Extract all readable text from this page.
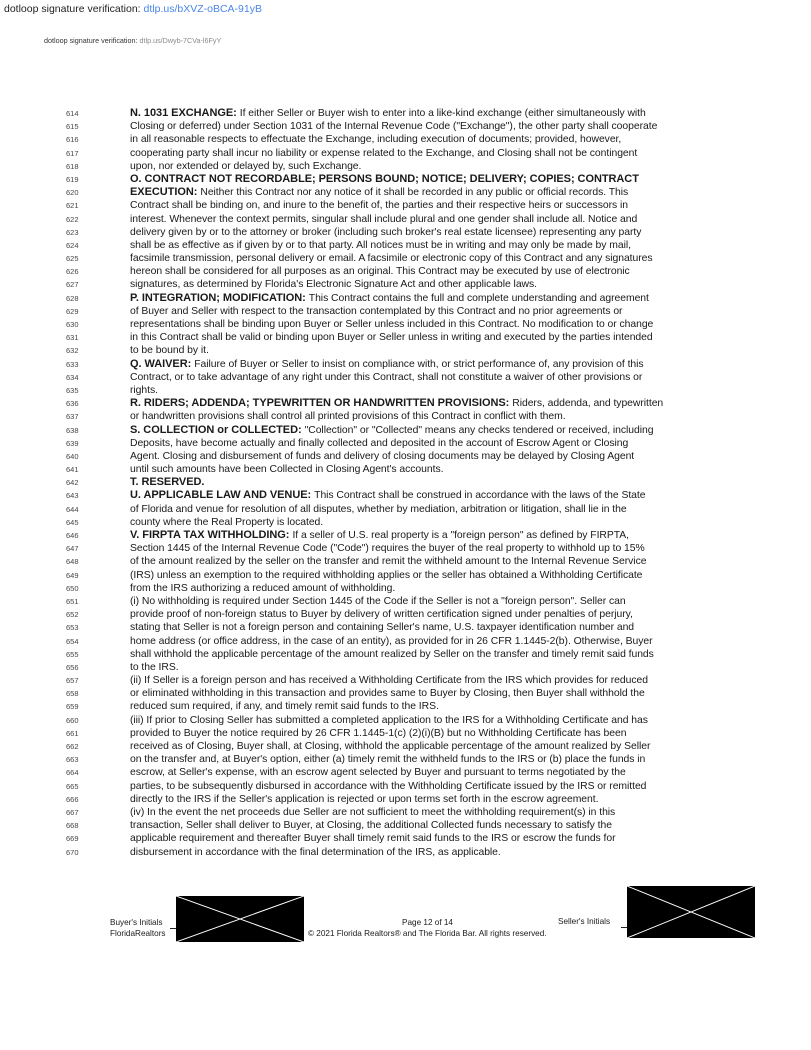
dotloop signature verification: dtlp.us/bXVZ-oBCA-91yB
dotloop signature verification: dtlp.us/Dwyb-7CVa-l6FyY
614	N. 1031 EXCHANGE: If either Seller or Buyer wish to enter into a like-kind exchange (either simultaneously with
615	Closing or deferred) under Section 1031 of the Internal Revenue Code ("Exchange"), the other party shall cooperate
616	in all reasonable respects to effectuate the Exchange, including execution of documents; provided, however,
617	cooperating party shall incur no liability or expense related to the Exchange, and Closing shall not be contingent
618	upon, nor extended or delayed by, such Exchange.
619	O. CONTRACT NOT RECORDABLE; PERSONS BOUND; NOTICE; DELIVERY; COPIES; CONTRACT
620	EXECUTION: Neither this Contract nor any notice of it shall be recorded in any public or official records. This
621	Contract shall be binding on, and inure to the benefit of, the parties and their respective heirs or successors in
622	interest. Whenever the context permits, singular shall include plural and one gender shall include all. Notice and
623	delivery given by or to the attorney or broker (including such broker's real estate licensee) representing any party
624	shall be as effective as if given by or to that party. All notices must be in writing and may only be made by mail,
625	facsimile transmission, personal delivery or email. A facsimile or electronic copy of this Contract and any signatures
626	hereon shall be considered for all purposes as an original. This Contract may be executed by use of electronic
627	signatures, as determined by Florida's Electronic Signature Act and other applicable laws.
628	P. INTEGRATION; MODIFICATION: This Contract contains the full and complete understanding and agreement
629	of Buyer and Seller with respect to the transaction contemplated by this Contract and no prior agreements or
630	representations shall be binding upon Buyer or Seller unless included in this Contract. No modification to or change
631	in this Contract shall be valid or binding upon Buyer or Seller unless in writing and executed by the parties intended
632	to be bound by it.
633	Q. WAIVER: Failure of Buyer or Seller to insist on compliance with, or strict performance of, any provision of this
634	Contract, or to take advantage of any right under this Contract, shall not constitute a waiver of other provisions or
635	rights.
636	R. RIDERS; ADDENDA; TYPEWRITTEN OR HANDWRITTEN PROVISIONS: Riders, addenda, and typewritten
637	or handwritten provisions shall control all printed provisions of this Contract in conflict with them.
638	S. COLLECTION or COLLECTED: "Collection" or "Collected" means any checks tendered or received, including
639	Deposits, have become actually and finally collected and deposited in the account of Escrow Agent or Closing
640	Agent. Closing and disbursement of funds and delivery of closing documents may be delayed by Closing Agent
641	until such amounts have been Collected in Closing Agent's accounts.
642	T. RESERVED.
643	U. APPLICABLE LAW AND VENUE: This Contract shall be construed in accordance with the laws of the State
644	of Florida and venue for resolution of all disputes, whether by mediation, arbitration or litigation, shall lie in the
645	county where the Real Property is located.
646	V. FIRPTA TAX WITHHOLDING: If a seller of U.S. real property is a "foreign person" as defined by FIRPTA,
647	Section 1445 of the Internal Revenue Code ("Code") requires the buyer of the real property to withhold up to 15%
648	of the amount realized by the seller on the transfer and remit the withheld amount to the Internal Revenue Service
649	(IRS) unless an exemption to the required withholding applies or the seller has obtained a Withholding Certificate
650	from the IRS authorizing a reduced amount of withholding.
651	(i) No withholding is required under Section 1445 of the Code if the Seller is not a "foreign person". Seller can
652	provide proof of non-foreign status to Buyer by delivery of written certification signed under penalties of perjury,
653	stating that Seller is not a foreign person and containing Seller's name, U.S. taxpayer identification number and
654	home address (or office address, in the case of an entity), as provided for in 26 CFR 1.1445-2(b). Otherwise, Buyer
655	shall withhold the applicable percentage of the amount realized by Seller on the transfer and timely remit said funds
656	to the IRS.
657	(ii) If Seller is a foreign person and has received a Withholding Certificate from the IRS which provides for reduced
658	or eliminated withholding in this transaction and provides same to Buyer by Closing, then Buyer shall withhold the
659	reduced sum required, if any, and timely remit said funds to the IRS.
660	(iii) If prior to Closing Seller has submitted a completed application to the IRS for a Withholding Certificate and has
661	provided to Buyer the notice required by 26 CFR 1.1445-1(c) (2)(i)(B) but no Withholding Certificate has been
662	received as of Closing, Buyer shall, at Closing, withhold the applicable percentage of the amount realized by Seller
663	on the transfer and, at Buyer's option, either (a) timely remit the withheld funds to the IRS or (b) place the funds in
664	escrow, at Seller's expense, with an escrow agent selected by Buyer and pursuant to terms negotiated by the
665	parties, to be subsequently disbursed in accordance with the Withholding Certificate issued by the IRS or remitted
666	directly to the IRS if the Seller's application is rejected or upon terms set forth in the escrow agreement.
667	(iv) In the event the net proceeds due Seller are not sufficient to meet the withholding requirement(s) in this
668	transaction, Seller shall deliver to Buyer, at Closing, the additional Collected funds necessary to satisfy the
669	applicable requirement and thereafter Buyer shall timely remit said funds to the IRS or escrow the funds for
670	disbursement in accordance with the final determination of the IRS, as applicable.
Buyer's Initials
FloridaRealtors
Page 12 of 14
© 2021 Florida Realtors® and The Florida Bar. All rights reserved.
Seller's Initials
